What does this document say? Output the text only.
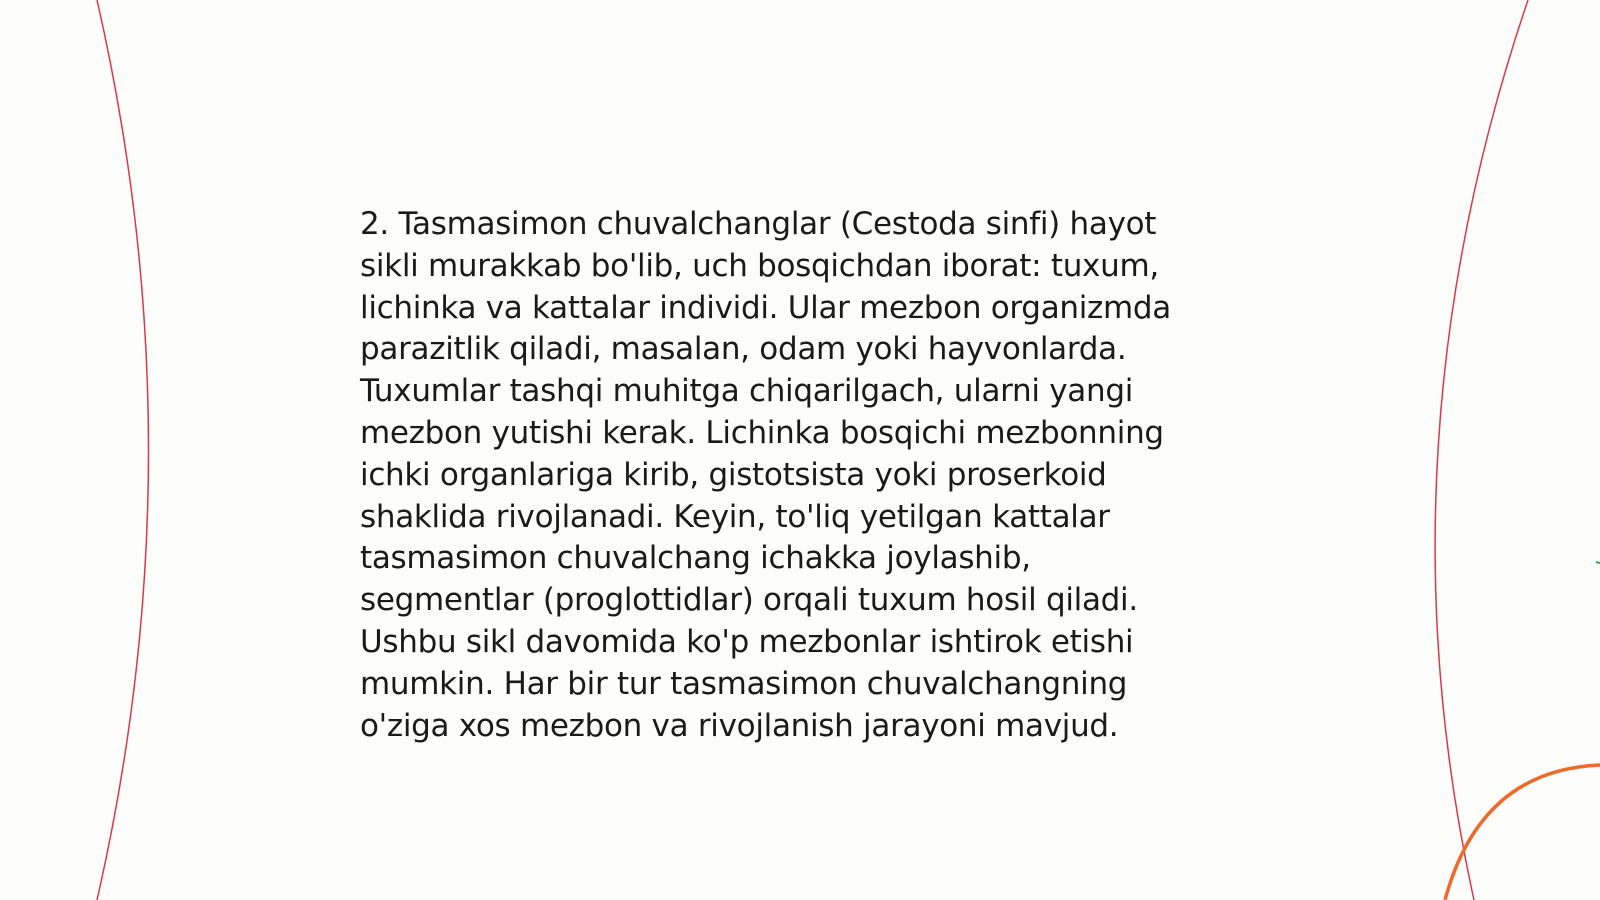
2. Tasmasimon chuvalchanglar (Cestoda sinfi) hayot
sikli murakkab bo'lib, uch bosqichdan iborat: tuxum,
lichinka va kattalar individi. Ular mezbon organizmda
parazitlik qiladi, masalan, odam yoki hayvonlarda.
Tuxumlar tashqi muhitga chiqarilgach, ularni yangi
mezbon yutishi kerak. Lichinka bosqichi mezbonning
ichki organlariga kirib, gistotsista yoki proserkoid
shaklida rivojlanadi. Keyin, to'liq yetilgan kattalar
tasmasimon chuvalchang ichakka joylashib,
segmentlar (proglottidlar) orqali tuxum hosil qiladi.
Ushbu sikl davomida ko'p mezbonlar ishtirok etishi
mumkin. Har bir tur tasmasimon chuvalchangning
o'ziga xos mezbon va rivojlanish jarayoni mavjud.
